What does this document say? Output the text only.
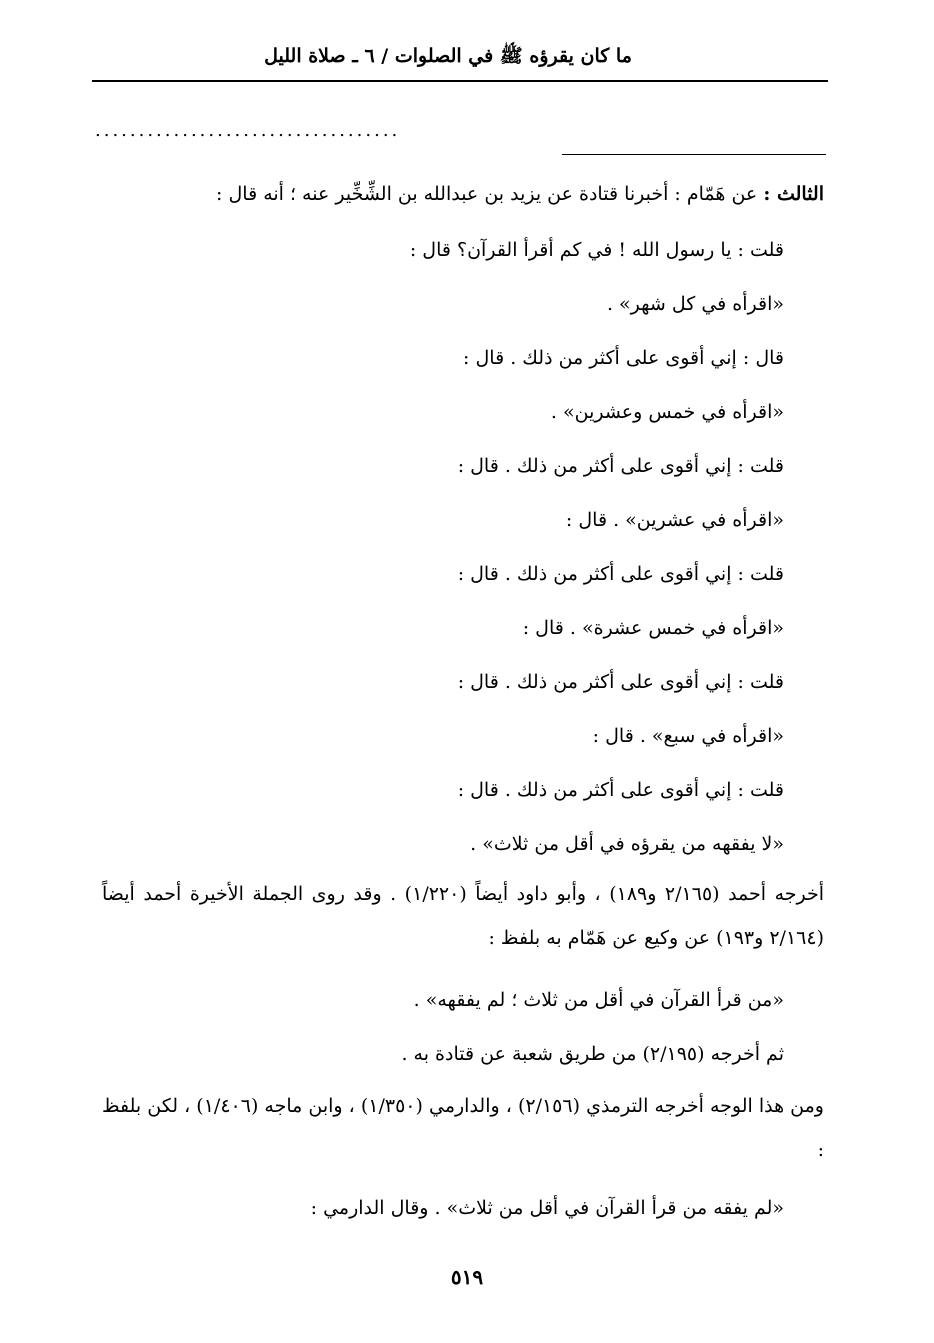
ما كان يقرؤه ﷺ في الصلوات / ٦ ـ صلاة الليل
...................................
الثالث : عن هَمّام : أخبرنا قتادة عن يزيد بن عبدالله بن الشِّخِّير عنه ؛ أنه قال :
قلت : يا رسول الله ! في كم أقرأ القرآن؟ قال :
«اقرأه في كل شهر» .
قال : إني أقوى على أكثر من ذلك . قال :
«اقرأه في خمس وعشرين» .
قلت : إني أقوى على أكثر من ذلك . قال :
«اقرأه في عشرين» . قال :
قلت : إني أقوى على أكثر من ذلك . قال :
«اقرأه في خمس عشرة» . قال :
قلت : إني أقوى على أكثر من ذلك . قال :
«اقرأه في سبع» . قال :
قلت : إني أقوى على أكثر من ذلك . قال :
«لا يفقهه من يقرؤه في أقل من ثلاث» .
أخرجه أحمد (٢/١٦٥ و١٨٩) ، وأبو داود أيضاً (١/٢٢٠) . وقد روى الجملة الأخيرة أحمد أيضاً (٢/١٦٤ و١٩٣) عن وكيع عن هَمّام به بلفظ :
«من قرأ القرآن في أقل من ثلاث ؛ لم يفقهه» .
ثم أخرجه (٢/١٩٥) من طريق شعبة عن قتادة به .
ومن هذا الوجه أخرجه الترمذي (٢/١٥٦) ، والدارمي (١/٣٥٠) ، وابن ماجه (١/٤٠٦) ، لكن بلفظ :
«لم يفقه من قرأ القرآن في أقل من ثلاث» . وقال الدارمي :
٥١٩
